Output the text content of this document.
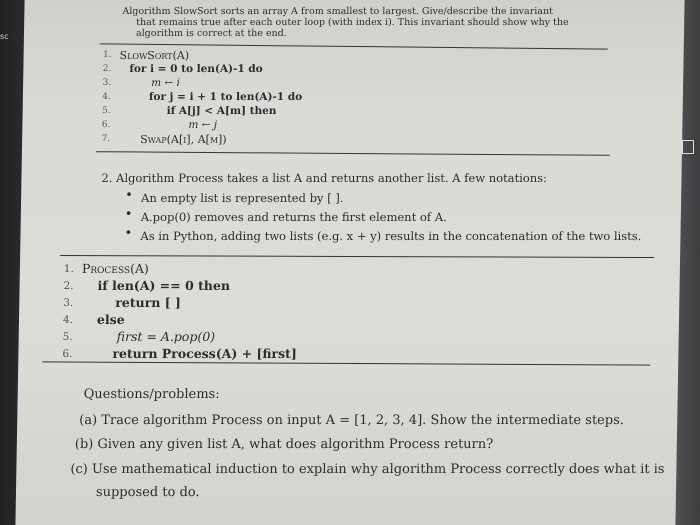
sc
Algorithm SlowSort sorts an array A from smallest to largest. Give/describe the invariant
that remains true after each outer loop (with index i). This invariant should show why the
algorithm is correct at the end.
1. SlowSort(A)
2. for i = 0 to len(A)-1 do
3.	m ← i
4.	for j = i + 1 to len(A)-1 do
5.	if A[j] < A[m] then
6.	m ← j
7.	Swap(A[i], A[m])
2. Algorithm Process takes a list A and returns another list. A few notations:
• An empty list is represented by [ ].
• A.pop(0) removes and returns the first element of A.
• As in Python, adding two lists (e.g. x + y) results in the concatenation of the two lists.
1. Process(A)
2. if len(A) == 0 then
3.	return [ ]
4. else
5.	first = A.pop(0)
6.	return Process(A) + [first]
Questions/problems:
(a) Trace algorithm Process on input A = [1, 2, 3, 4]. Show the intermediate steps.
(b) Given any given list A, what does algorithm Process return?
(c) Use mathematical induction to explain why algorithm Process correctly does what it is
supposed to do.
